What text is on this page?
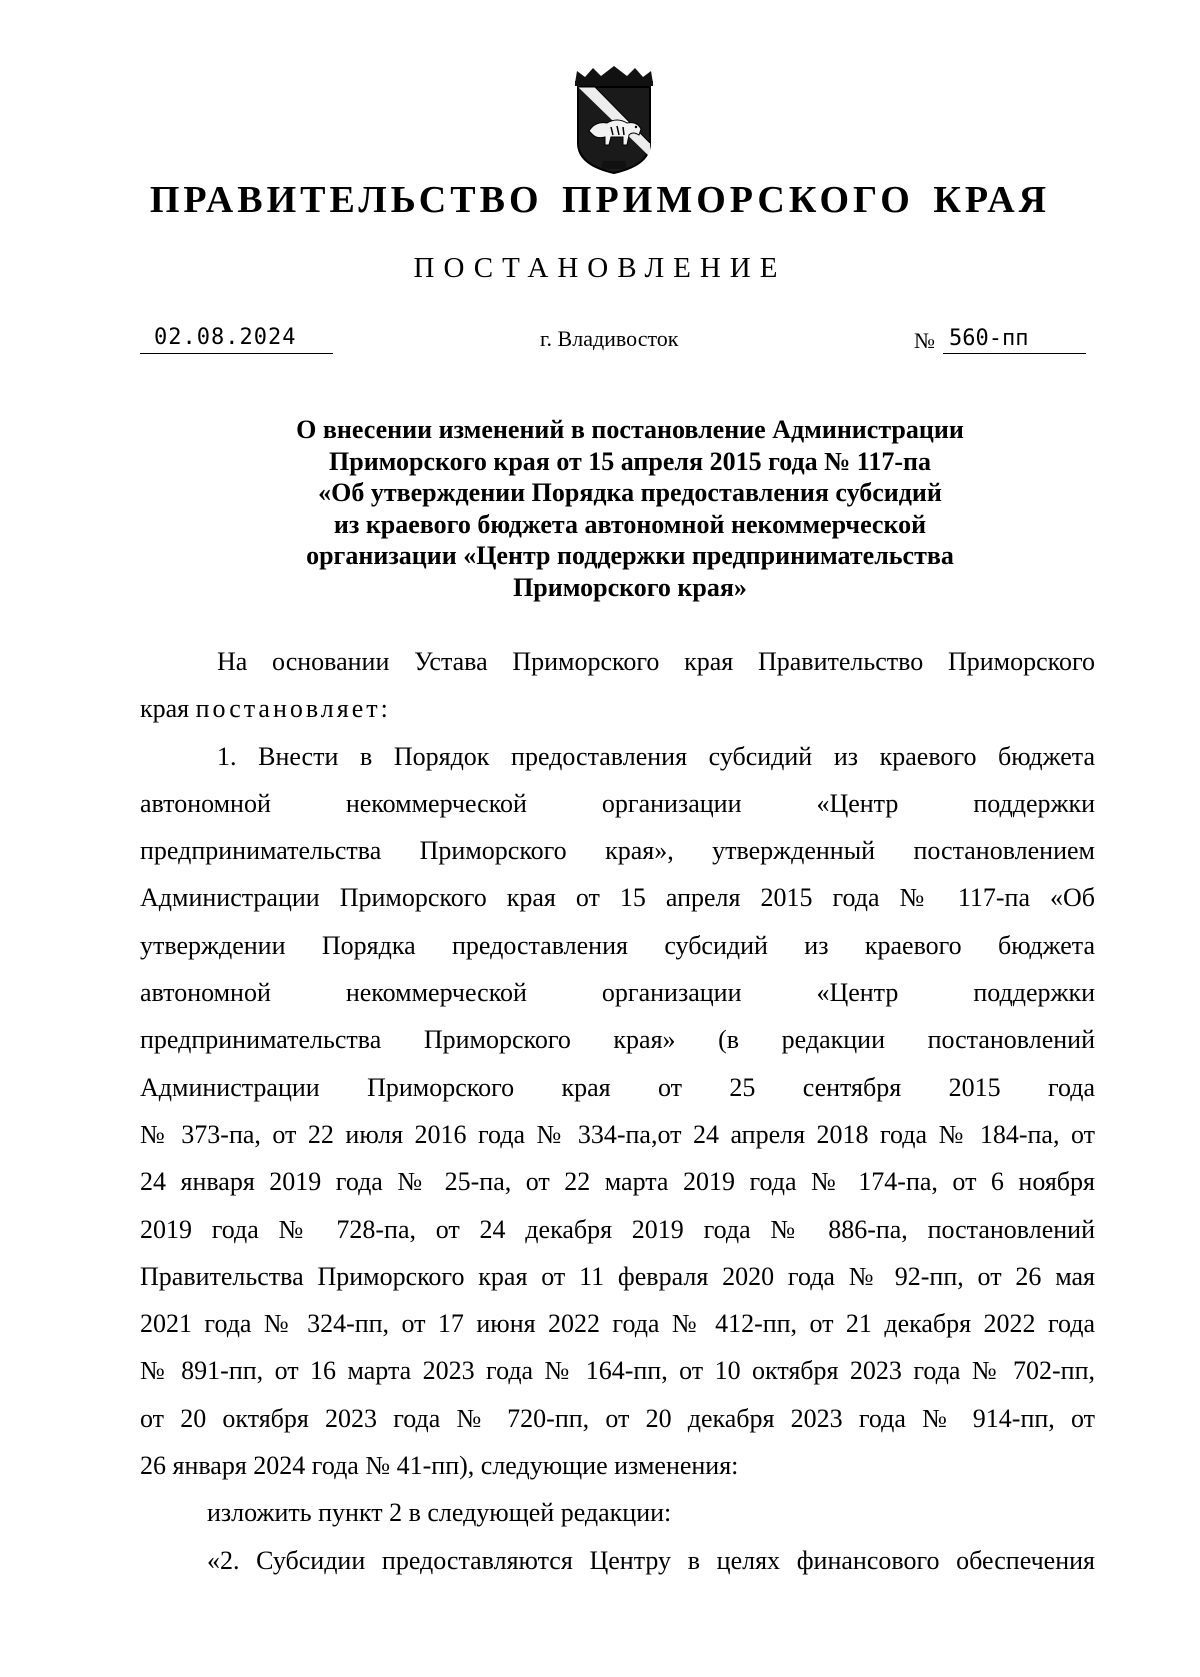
ПРАВИТЕЛЬСТВО ПРИМОРСКОГО КРАЯ
ПОСТАНОВЛЕНИЕ
02.08.2024	г. Владивосток	№ 560-пп
О внесении изменений в постановление Администрации
Приморского края от 15 апреля 2015 года № 117-па
«Об утверждении Порядка предоставления субсидий
из краевого бюджета автономной некоммерческой
организации «Центр поддержки предпринимательства
Приморского края»
На основании Устава Приморского края Правительство Приморского
края постановляет:
1. Внести в Порядок предоставления субсидий из краевого бюджета
автономной некоммерческой организации «Центр поддержки
предпринимательства Приморского края», утвержденный постановлением
Администрации Приморского края от 15 апреля 2015 года № 117-па «Об
утверждении Порядка предоставления субсидий из краевого бюджета
автономной некоммерческой организации «Центр поддержки
предпринимательства Приморского края» (в редакции постановлений
Администрации Приморского края от 25 сентября 2015 года
№ 373-па, от 22 июля 2016 года № 334-па,от 24 апреля 2018 года № 184-па, от
24 января 2019 года № 25-па, от 22 марта 2019 года № 174-па, от 6 ноября
2019 года № 728-па, от 24 декабря 2019 года № 886-па, постановлений
Правительства Приморского края от 11 февраля 2020 года № 92-пп, от 26 мая
2021 года № 324-пп, от 17 июня 2022 года № 412-пп, от 21 декабря 2022 года
№ 891-пп, от 16 марта 2023 года № 164-пп, от 10 октября 2023 года № 702-пп,
от 20 октября 2023 года № 720-пп, от 20 декабря 2023 года № 914-пп, от
26 января 2024 года № 41-пп), следующие изменения:
изложить пункт 2 в следующей редакции:
«2. Субсидии предоставляются Центру в целях финансового обеспечения
